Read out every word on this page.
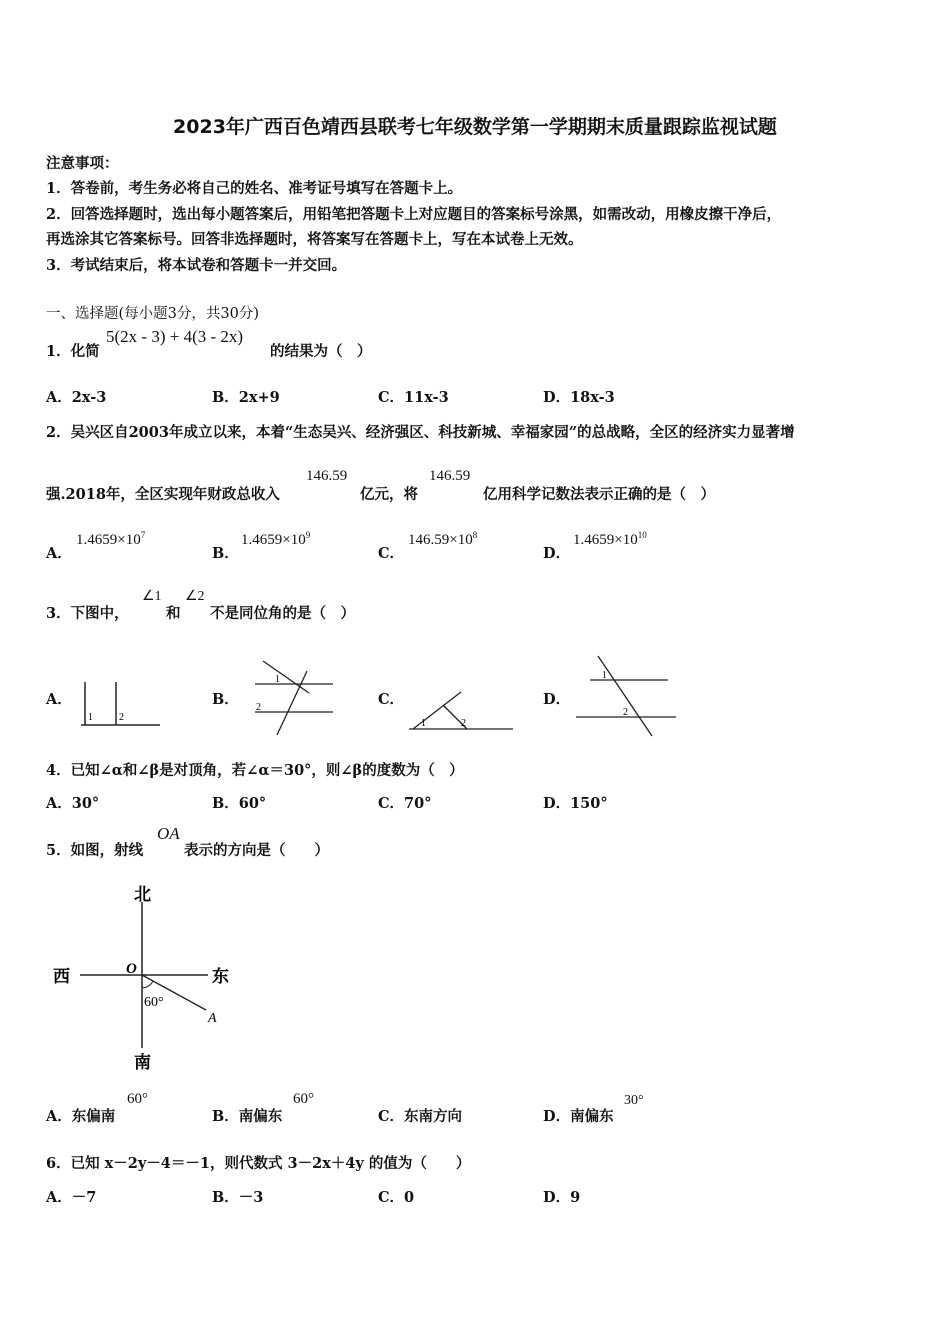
2023年广西百色靖西县联考七年级数学第一学期期末质量跟踪监视试题
注意事项：
1．答卷前，考生务必将自己的姓名、准考证号填写在答题卡上。
2．回答选择题时，选出每小题答案后，用铅笔把答题卡上对应题目的答案标号涂黑，如需改动，用橡皮擦干净后，
再选涂其它答案标号。回答非选择题时，将答案写在答题卡上，写在本试卷上无效。
3．考试结束后，将本试卷和答题卡一并交回。
一、选择题(每小题3分，共30分)
1．化简
5(2x - 3) + 4(3 - 2x)
的结果为（　）
A．2x-3	B．2x+9	C．11x-3	D．18x-3
2．吴兴区自2003年成立以来，本着“生态吴兴、经济强区、科技新城、幸福家园”的总战略，全区的经济实力显著增
强.2018年，全区实现年财政总收入
146.59
亿元，将
146.59
亿用科学记数法表示正确的是（　）
A．
$1.4659\times 10^7$
B．
$1.4659\times 10^9$
C．
$146.59\times 10^8$
D．
$1.4659\times 10^{10}$
3．下图中，
∠1
和
∠2
不是同位角的是（　）
A．
1	2
B．
1
2	C．
1	2
D．
1
2
4．已知∠α和∠β是对顶角，若∠α＝30°，则∠β的度数为（　）
A．30°	B．60°	C．70°	D．150°
5．如图，射线
OA
表示的方向是（　　）
北
南
西	东
O
60°
A
A．东偏南
60°
B．南偏东
60°
C．东南方向	D．南偏东
30°
6．已知 x－2y－4＝－1，则代数式 3－2x＋4y 的值为（　　）
A．－7	B．－3	C．0	D．9
